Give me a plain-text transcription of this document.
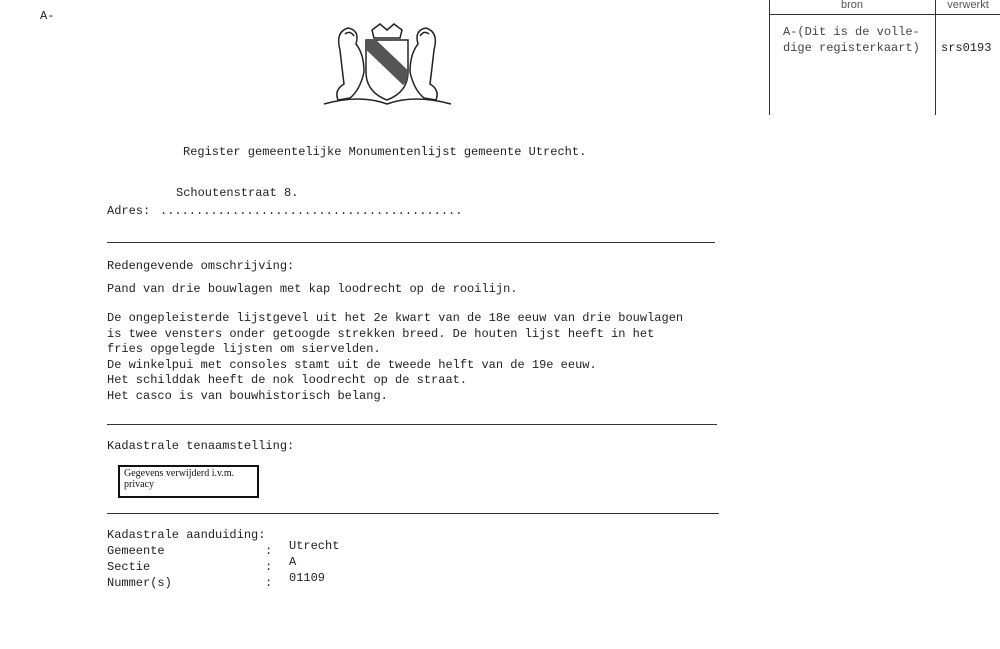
A-
bron	verwerkt
A-(Dit is de volle-
dige registerkaart) srs0193
Register gemeentelijke Monumentenlijst gemeente Utrecht.
Schoutenstraat 8.
Adres: ..........................................
Redengevende omschrijving:
Pand van drie bouwlagen met kap loodrecht op de rooilijn.
De ongepleisterde lijstgevel uit het 2e kwart van de 18e eeuw van drie bouwlagen
is twee vensters onder getoogde strekken breed. De houten lijst heeft in het
fries opgelegde lijsten om siervelden.
De winkelpui met consoles stamt uit de tweede helft van de 19e eeuw.
Het schilddak heeft de nok loodrecht op de straat.
Het casco is van bouwhistorisch belang.
Kadastrale tenaamstelling:
Gegevens verwijderd i.v.m. privacy
Kadastrale aanduiding:
Gemeente	: Utrecht
Sectie	: A
Nummer(s)	: 01109
